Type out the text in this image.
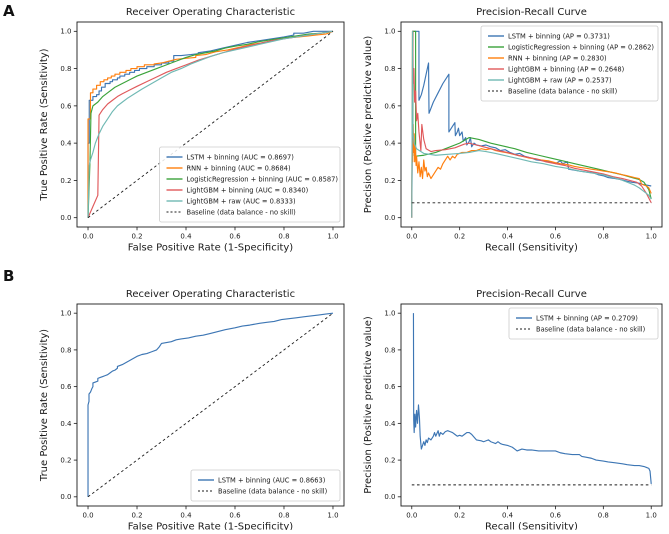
A
B
0.0	0.2	0.4	0.6	0.8	1.0
0.0
0.2
0.4
0.6
0.8
1.0
Receiver Operating Characteristic
False Positive Rate (1-Specificity)
True Positive Rate (Sensitivity)	LSTM + binning (AUC = 0.8697)
RNN + binning (AUC = 0.8684)
LogisticRegression + binning (AUC = 0.8587)
LightGBM + binning (AUC = 0.8340)
LightGBM + raw (AUC = 0.8333)
Baseline (data balance - no skill)
0.0	0.2	0.4	0.6	0.8	1.0
0.0
0.2
0.4
0.6
0.8
1.0
Precision-Recall Curve
Recall (Sensitivity)
Precision (Positive predictive value)	LSTM + binning (AP = 0.3731)
LogisticRegression + binning (AP = 0.2862)
RNN + binning (AP = 0.2830)
LightGBM + binning (AP = 0.2648)
LightGBM + raw (AP = 0.2537)
Baseline (data balance - no skill)
0.0	0.2	0.4	0.6	0.8	1.0
0.0
0.2
0.4
0.6
0.8
1.0
Receiver Operating Characteristic
False Positive Rate (1-Specificity)
True Positive Rate (Sensitivity)	LSTM + binning (AUC = 0.8663)
Baseline (data balance - no skill)
0.0	0.2	0.4	0.6	0.8	1.0
0.0
0.2
0.4
0.6
0.8
1.0
Precision-Recall Curve
Recall (Sensitivity)
Precision (Positive predictive value)	LSTM + binning (AP = 0.2709)
Baseline (data balance - no skill)
